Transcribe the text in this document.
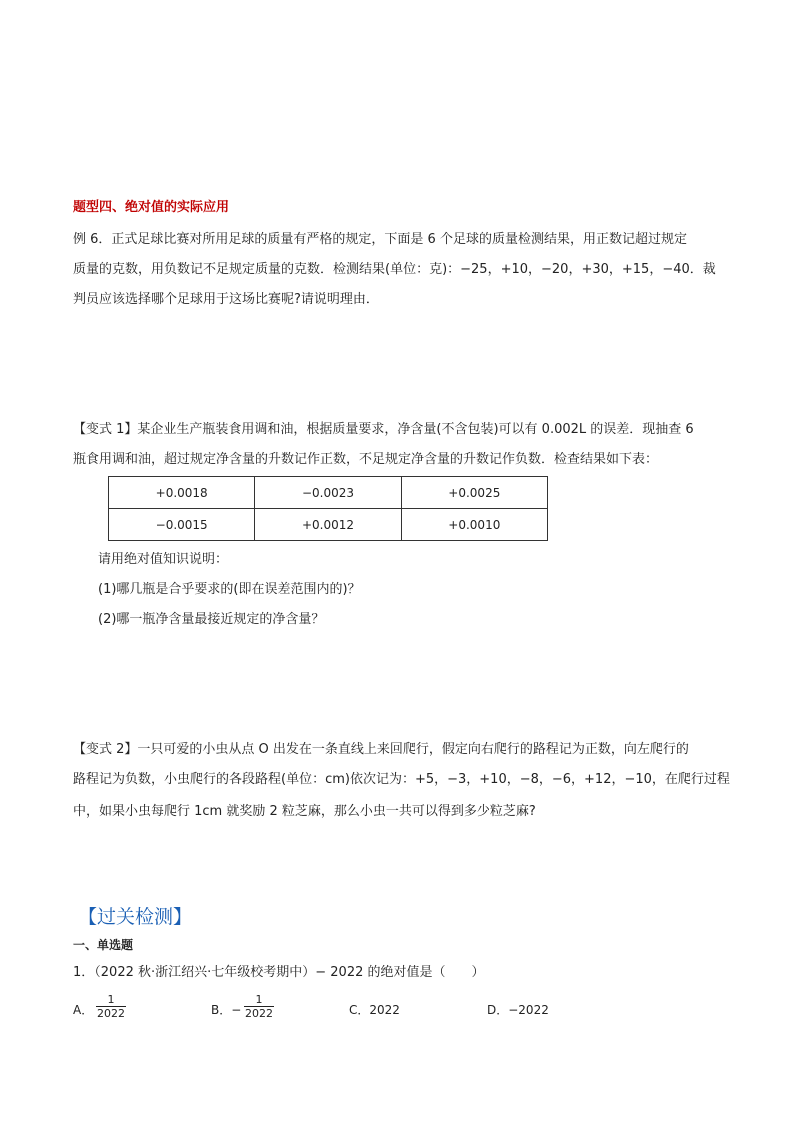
题型四、绝对值的实际应用
例 6．正式足球比赛对所用足球的质量有严格的规定，下面是 6 个足球的质量检测结果，用正数记超过规定
质量的克数，用负数记不足规定质量的克数．检测结果(单位：克)：−25，+10，−20，+30，+15，−40．裁
判员应该选择哪个足球用于这场比赛呢?请说明理由．
【变式 1】某企业生产瓶装食用调和油，根据质量要求，净含量(不含包装)可以有 0.002L 的误差．现抽查 6
瓶食用调和油，超过规定净含量的升数记作正数，不足规定净含量的升数记作负数．检查结果如下表：
+0.0018	−0.0023	+0.0025
−0.0015	+0.0012	+0.0010
请用绝对值知识说明：
(1)哪几瓶是合乎要求的(即在误差范围内的)？
(2)哪一瓶净含量最接近规定的净含量？
【变式 2】一只可爱的小虫从点 O 出发在一条直线上来回爬行，假定向右爬行的路程记为正数，向左爬行的
路程记为负数，小虫爬行的各段路程(单位：cm)依次记为：+5，−3，+10，−8，−6，+12，−10，在爬行过程
中，如果小虫每爬行 1cm 就奖励 2 粒芝麻，那么小虫一共可以得到多少粒芝麻?
【过关检测】
一、单选题
1．（2022 秋·浙江绍兴·七年级校考期中）− 2022 的绝对值是（　　）
A． $\frac{1}{2022}$	B．− $\frac{1}{2022}$	C．2022	D．−2022
